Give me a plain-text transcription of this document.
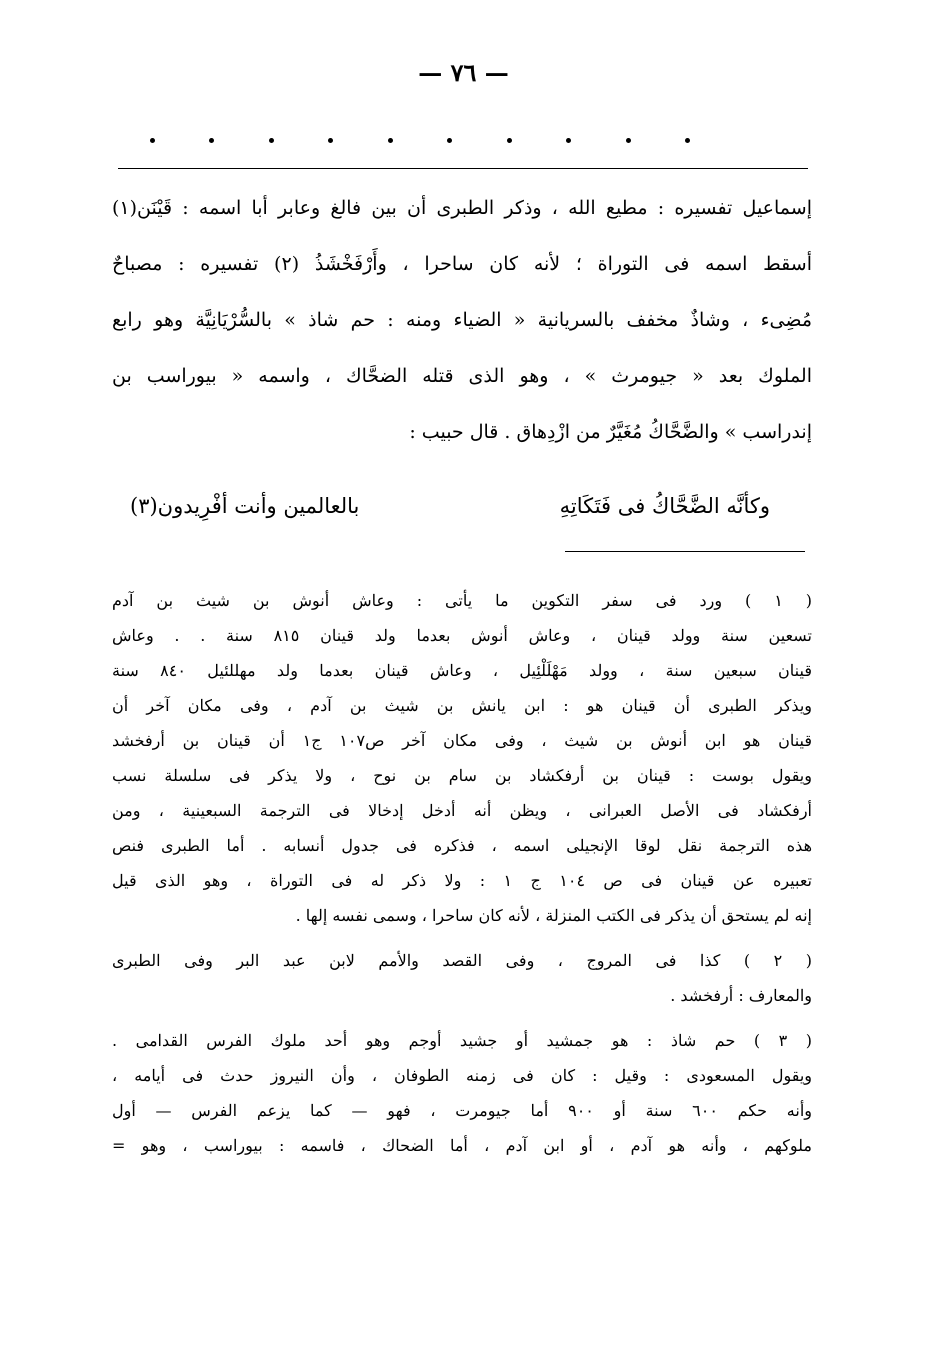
— ٧٦ —

إسماعيل تفسيره : مطيع الله ، وذكر الطبرى أن بين فالغ وعابر أبا اسمه : قَيْنَن(١)

أسقط اسمه فى التوراة ؛ لأنه كان ساحرا ، وأَرْفَخْشَذُ (٢) تفسيره : مصباحٌ

مُضِىء ، وشاذٌ مخفف بالسريانية « الضياء ومنه : حم شاذ » بالسُّرْيَانِيَّة وهو رابع

الملوك بعد « جيومرث » ، وهو الذى قتله الضحَّاك ، واسمه « بيوراسب بن

إندراسب » والضَّحَّاكُ مُغَيَّرٌ من ازْدِهاق . قال حبيب :

وكأنَّه الضَّحَّاكُ فى فَتَكَاتِهِ
بالعالمين وأنت أفْرِيدون(٣)
( ١ ) ورد فى سفر التكوين ما يأتى : وعاش أنوش بن شيث بن آدم
تسعين سنة وولد قينان ، وعاش أنوش بعدما ولد قينان ٨١٥ سنة . . وعاش
قينان سبعين سنة ، وولد مَهْلَلْئِيل ، وعاش قينان بعدما ولد مهللئيل ٨٤٠ سنة
ويذكر الطبرى أن قينان هو : ابن يانش بن شيث بن آدم ، وفى مكان آخر أن
قينان هو ابن أنوش بن شيث ، وفى مكان آخر ص١٠٧ ج١ أن قينان بن أرفخشد
ويقول بوست : قينان بن أرفكشاد بن سام بن نوح ، ولا يذكر فى سلسلة نسب
أرفكشاد فى الأصل العبرانى ، ويظن أنه أدخل إدخالا فى الترجمة السبعينية ، ومن
هذه الترجمة نقل لوقا الإنجيلى اسمه ، فذكره فى جدول أنسابه . أما الطبرى فنص
تعبيره عن قينان فى ص ١٠٤ ج ١ : ولا ذكر له فى التوراة ، وهو الذى قيل
إنه لم يستحق أن يذكر فى الكتب المنزلة ، لأنه كان ساحرا ، وسمى نفسه إلها .
( ٢ ) كذا فى المروج ، وفى القصد والأمم لابن عبد البر وفى الطبرى
والمعارف : أرفخشد .
( ٣ ) حم شاذ : هو جمشيد أو جشيد أوجم وهو أحد ملوك الفرس القدامى .
ويقول المسعودى : وقيل : كان فى زمنه الطوفان ، وأن النيروز حدث فى أيامه ،
وأنه حكم ٦٠٠ سنة أو ٩٠٠ أما جيومرت ، فهو — كما يزعم الفرس — أول
ملوكهم ، وأنه هو آدم ، أو ابن آدم ، أما الضحاك ، فاسمه : بيوراسب ، وهو =
